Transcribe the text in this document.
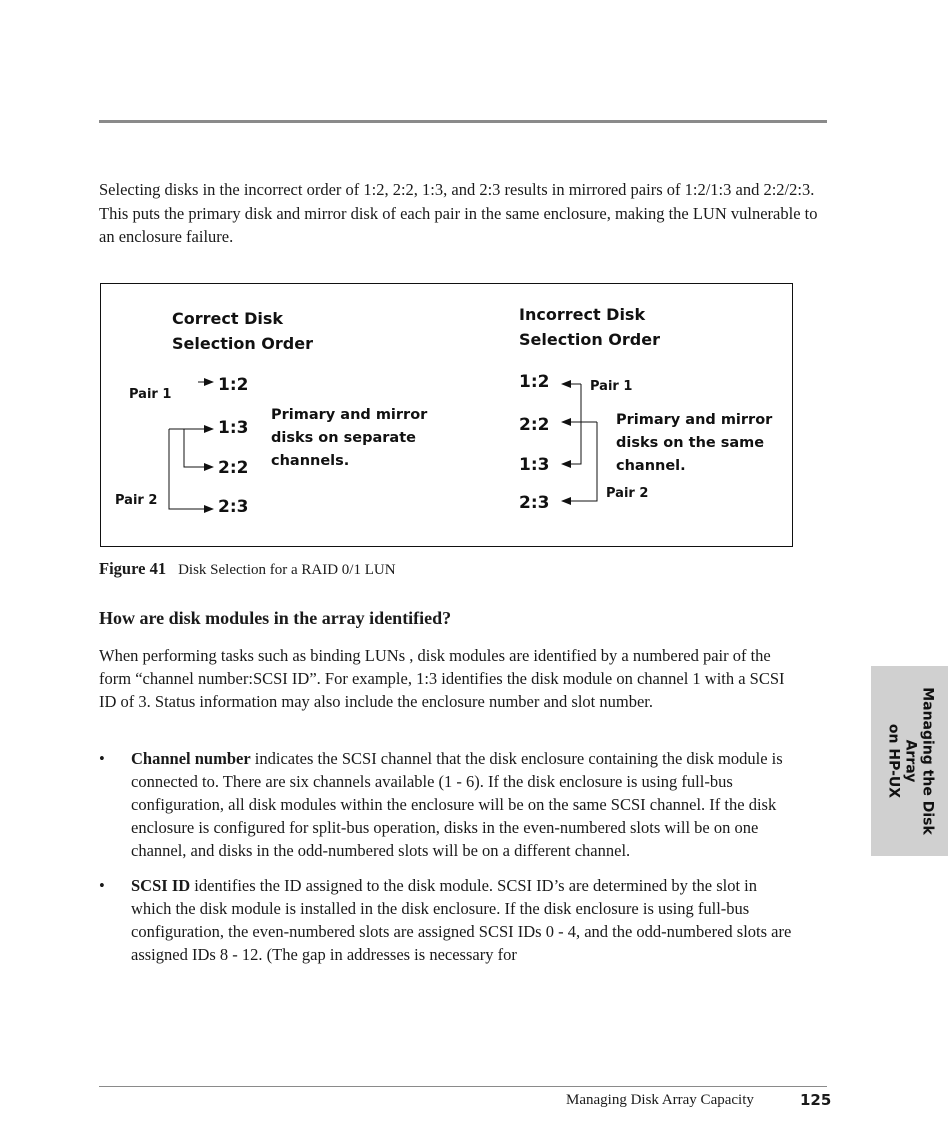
Selecting disks in the incorrect order of 1:2, 2:2, 1:3, and 2:3 results in mirrored pairs of 1:2/1:3 and 2:2/2:3. This puts the primary disk and mirror disk of each pair in the same enclosure, making the LUN vulnerable to an enclosure failure.

Correct Disk
Selection Order
Pair 1
Pair 2
1:2
1:3
2:2
2:3
Primary and mirror
disks on separate
channels.
Incorrect Disk
Selection Order
1:2
2:2
1:3
2:3
Pair 1
Pair 2
Primary and mirror
disks on the same
channel.

Figure 41 Disk Selection for a RAID 0/1 LUN

How are disk modules in the array identified?

When performing tasks such as binding LUNs , disk modules are identified by a numbered pair of the form “channel number:SCSI ID”. For example, 1:3 identifies the disk module on channel 1 with a SCSI ID of 3. Status information may also include the enclosure number and slot number.

• Channel number indicates the SCSI channel that the disk enclosure containing the disk module is connected to. There are six channels available (1 - 6). If the disk enclosure is using full-bus configuration, all disk modules within the enclosure will be on the same SCSI channel. If the disk enclosure is configured for split-bus operation, disks in the even-numbered slots will be on one channel, and disks in the odd-numbered slots will be on a different channel.
• SCSI ID identifies the ID assigned to the disk module. SCSI ID’s are determined by the slot in which the disk module is installed in the disk enclosure. If the disk enclosure is using full-bus configuration, the even-numbered slots are assigned SCSI IDs 0 - 4, and the odd-numbered slots are assigned IDs 8 - 12. (The gap in addresses is necessary for
Managing the Disk Array
on HP-UX
Managing Disk Array Capacity	125
